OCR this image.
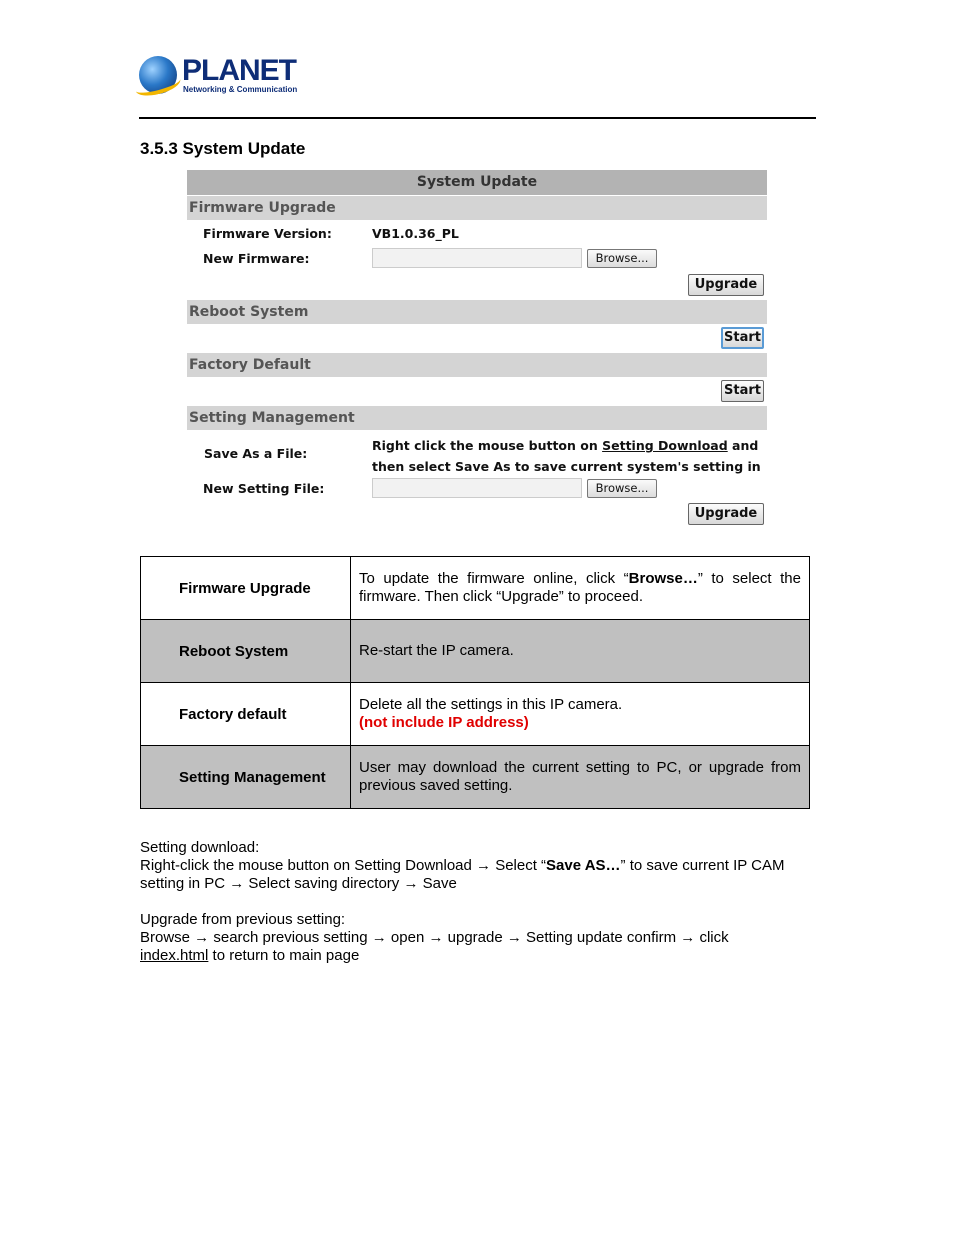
PLANET
Networking & Communication
3.5.3 System Update
System Update
Firmware Upgrade
Firmware Version:	VB1.0.36_PL
New Firmware:	Browse...
Upgrade
Reboot System
Start
Factory Default
Start
Setting Management
Save As a File:
Right click the mouse button on Setting Download and then select Save As to save current system's setting in
New Setting File:	Browse...
Upgrade
Firmware Upgrade	To update the firmware online, click “Browse…” to select the firmware. Then click “Upgrade” to proceed.
Reboot System	Re-start the IP camera.
Factory default	Delete all the settings in this IP camera.
(not include IP address)

Setting Management	User may download the current setting to PC, or upgrade from previous saved setting.
Setting download:
Right-click the mouse button on Setting Download → Select “Save AS…” to save current IP CAM
setting in PC → Select saving directory → Save
Upgrade from previous setting:
Browse → search previous setting → open → upgrade → Setting update confirm → click
index.html to return to main page
